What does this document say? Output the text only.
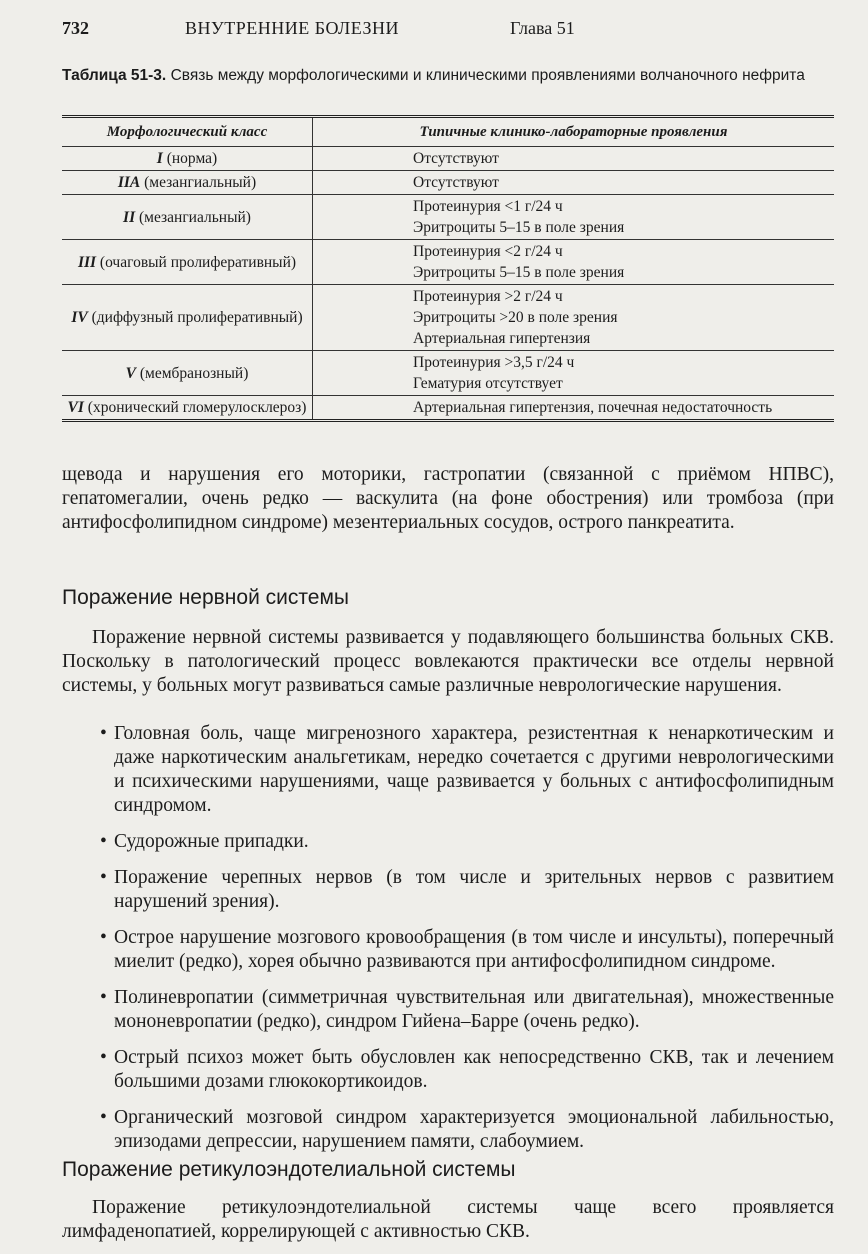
732	ВНУТРЕННИЕ БОЛЕЗНИ	Глава 51
Таблица 51-3. Связь между морфологическими и клиническими проявлениями волчаночного нефрита
Морфологический класс	Типичные клинико-лабораторные проявления
I (норма)	Отсутствуют

IIA (мезангиальный)	Отсутствуют

II (мезангиальный)	Протеинурия <1 г/24 ч
Эритроциты 5–15 в поле зрения

III (очаговый пролиферативный)	Протеинурия <2 г/24 ч
Эритроциты 5–15 в поле зрения

IV (диффузный пролиферативный)	Протеинурия >2 г/24 ч
Эритроциты >20 в поле зрения
Артериальная гипертензия

V (мембранозный)	Протеинурия >3,5 г/24 ч
Гематурия отсутствует

VI (хронический гломерулосклероз)	Артериальная гипертензия, почечная недостаточность
щевода и нарушения его моторики, гастропатии (связанной с приёмом НПВС), гепатомегалии, очень редко — васкулита (на фоне обострения) или тромбоза (при антифосфолипидном синдроме) мезентериальных сосудов, острого панкреатита.
Поражение нервной системы
Поражение нервной системы развивается у подавляющего большинства больных СКВ. Поскольку в патологический процесс вовлекаются практически все отделы нервной системы, у больных могут развиваться самые различные неврологические нарушения.
• Головная боль, чаще мигренозного характера, резистентная к ненаркотическим и даже наркотическим анальгетикам, нередко сочетается с другими неврологическими и психическими нарушениями, чаще развивается у больных с антифосфолипидным синдромом.
• Судорожные припадки.
• Поражение черепных нервов (в том числе и зрительных нервов с развитием нарушений зрения).
• Острое нарушение мозгового кровообращения (в том числе и инсульты), поперечный миелит (редко), хорея обычно развиваются при антифосфолипидном синдроме.
• Полиневропатии (симметричная чувствительная или двигательная), множественные мононевропатии (редко), синдром Гийена–Барре (очень редко).
• Острый психоз может быть обусловлен как непосредственно СКВ, так и лечением большими дозами глюкокортикоидов.
• Органический мозговой синдром характеризуется эмоциональной лабильностью, эпизодами депрессии, нарушением памяти, слабоумием.
Поражение ретикулоэндотелиальной системы
Поражение ретикулоэндотелиальной системы чаще всего проявляется лимфаденопатией, коррелирующей с активностью СКВ.
